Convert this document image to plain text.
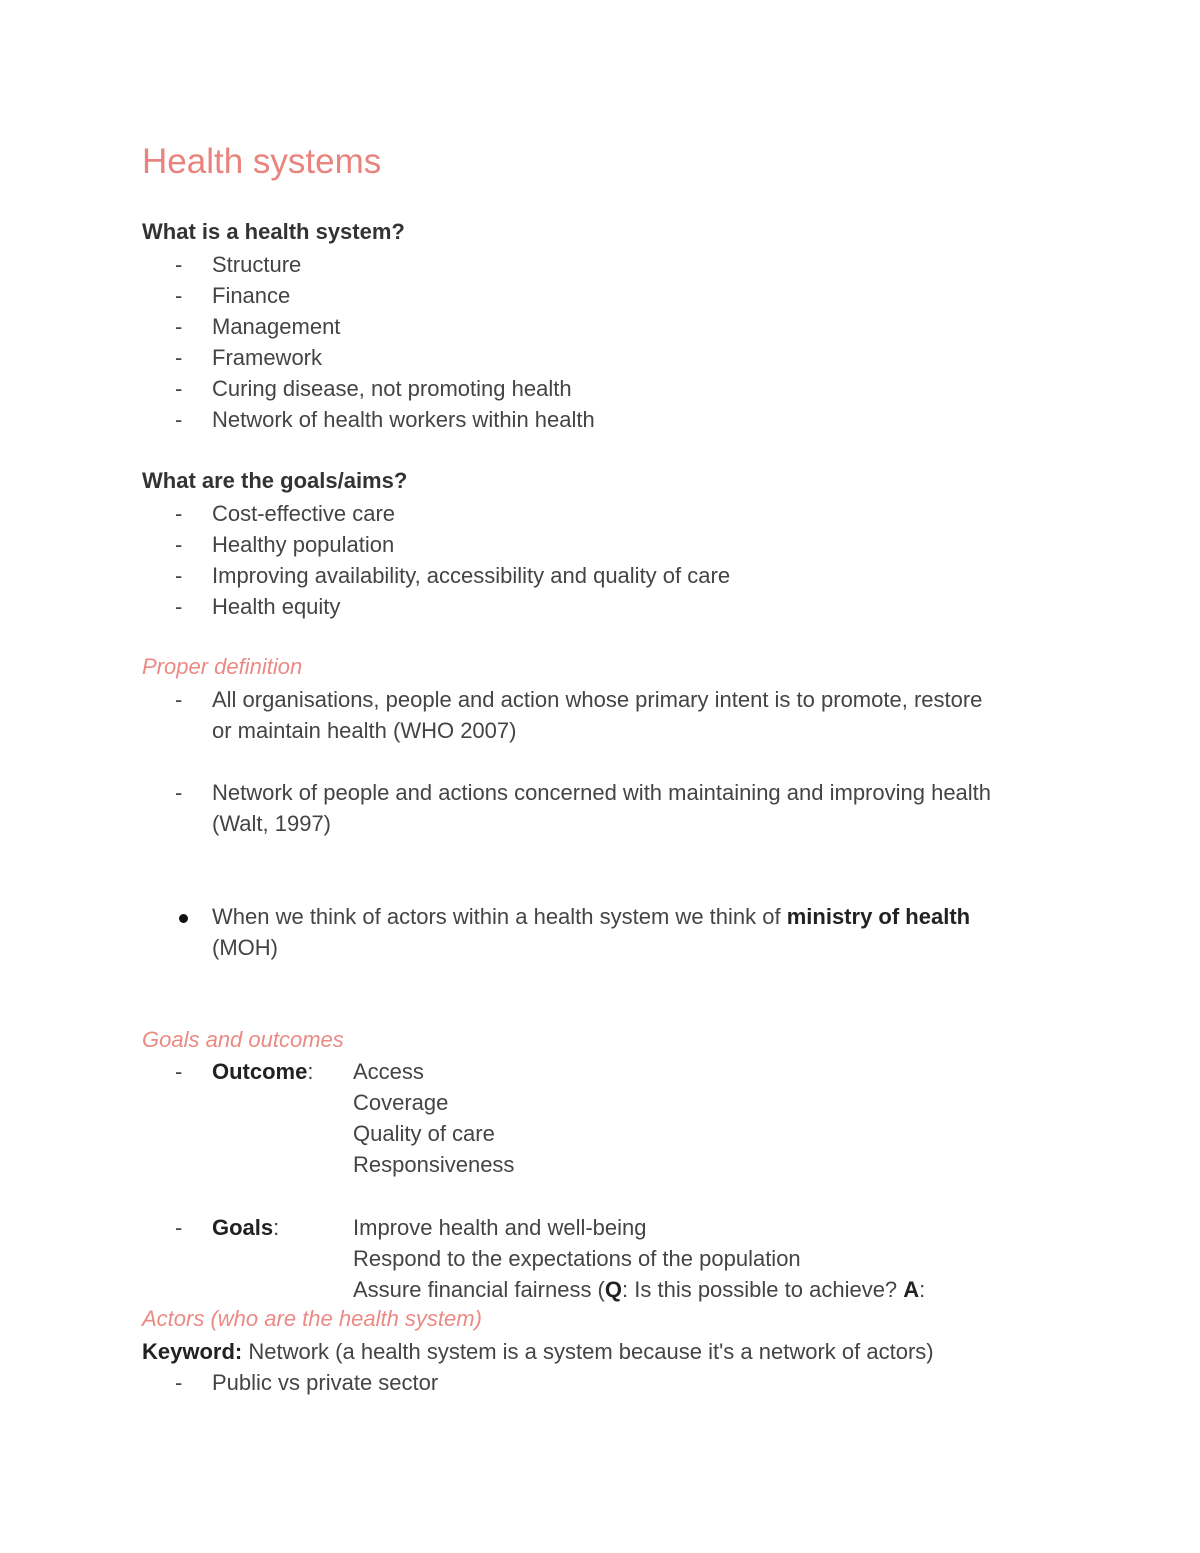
Health systems
What is a health system?
- Structure
- Finance
- Management
- Framework
- Curing disease, not promoting health
- Network of health workers within health
What are the goals/aims?
- Cost-effective care
- Healthy population
- Improving availability, accessibility and quality of care
- Health equity
Proper definition
- All organisations, people and action whose primary intent is to promote, restore
or maintain health (WHO 2007)
- Network of people and actions concerned with maintaining and improving health
(Walt, 1997)
When we think of actors within a health system we think of ministry of health
(MOH)
Goals and outcomes
- Outcome: Access
Coverage
Quality of care
Responsiveness
- Goals:	Improve health and well-being
Respond to the expectations of the population
Assure financial fairness (Q: Is this possible to achieve? A:
Actors (who are the health system)
Keyword: Network (a health system is a system because it's a network of actors)
- Public vs private sector
